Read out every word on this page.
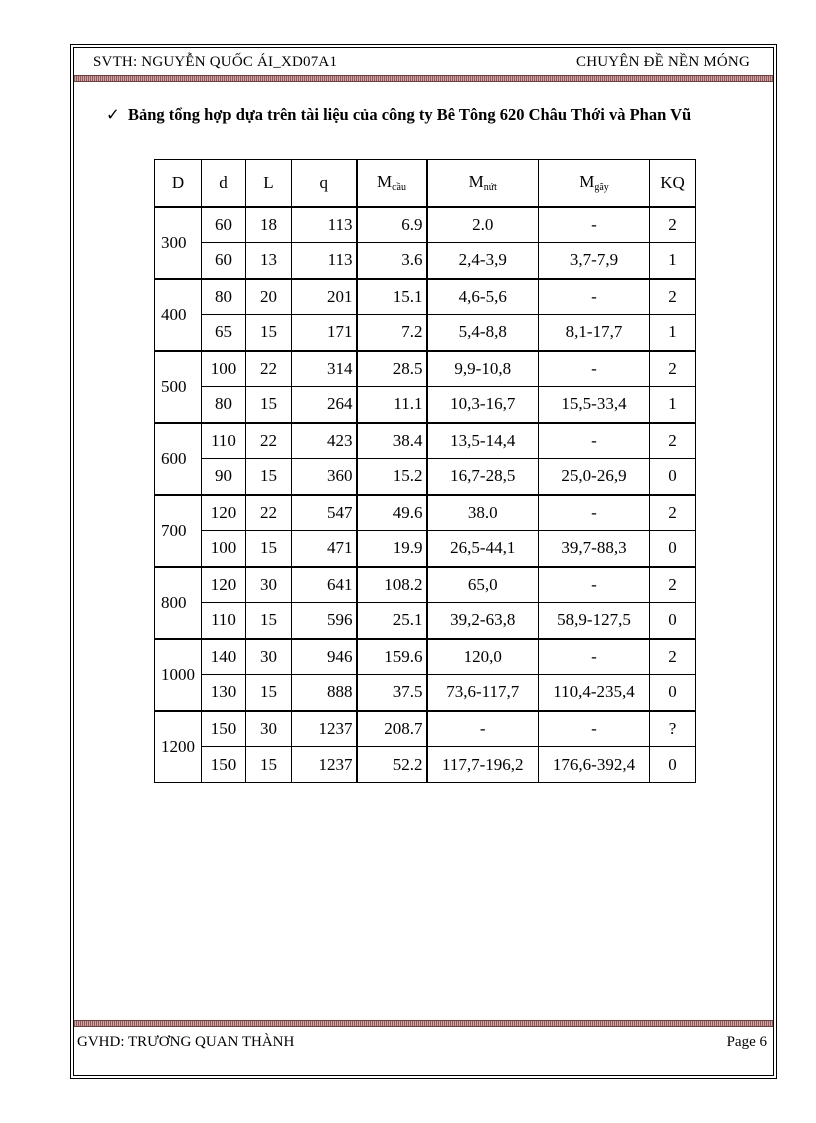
SVTH: NGUYỄN QUỐC ÁI_XD07A1	CHUYÊN ĐỀ NỀN MÓNG
✓ Bảng tổng hợp dựa trên tài liệu của công ty Bê Tông 620 Châu Thới và Phan Vũ
D	d	L	q	$M_{cầu}$	$M_{nứt}$	$M_{gãy}$	KQ
300	60	18	113	6.9	2.0	-	2
	60	13	113	3.6	2,4-3,9	3,7-7,9	1
400	80	20	201	15.1	4,6-5,6	-	2
	65	15	171	7.2	5,4-8,8	8,1-17,7	1
500	100	22	314	28.5	9,9-10,8	-	2
	80	15	264	11.1	10,3-16,7	15,5-33,4	1
600	110	22	423	38.4	13,5-14,4	-	2
	90	15	360	15.2	16,7-28,5	25,0-26,9	0
700	120	22	547	49.6	38.0	-	2
	100	15	471	19.9	26,5-44,1	39,7-88,3	0
800	120	30	641	108.2	65,0	-	2
	110	15	596	25.1	39,2-63,8	58,9-127,5	0
1000	140	30	946	159.6	120,0	-	2
	130	15	888	37.5	73,6-117,7	110,4-235,4	0
1200	150	30	1237	208.7	-	-	?
	150	15	1237	52.2	117,7-196,2	176,6-392,4	0
GVHD: TRƯƠNG QUAN THÀNH	Page 6
